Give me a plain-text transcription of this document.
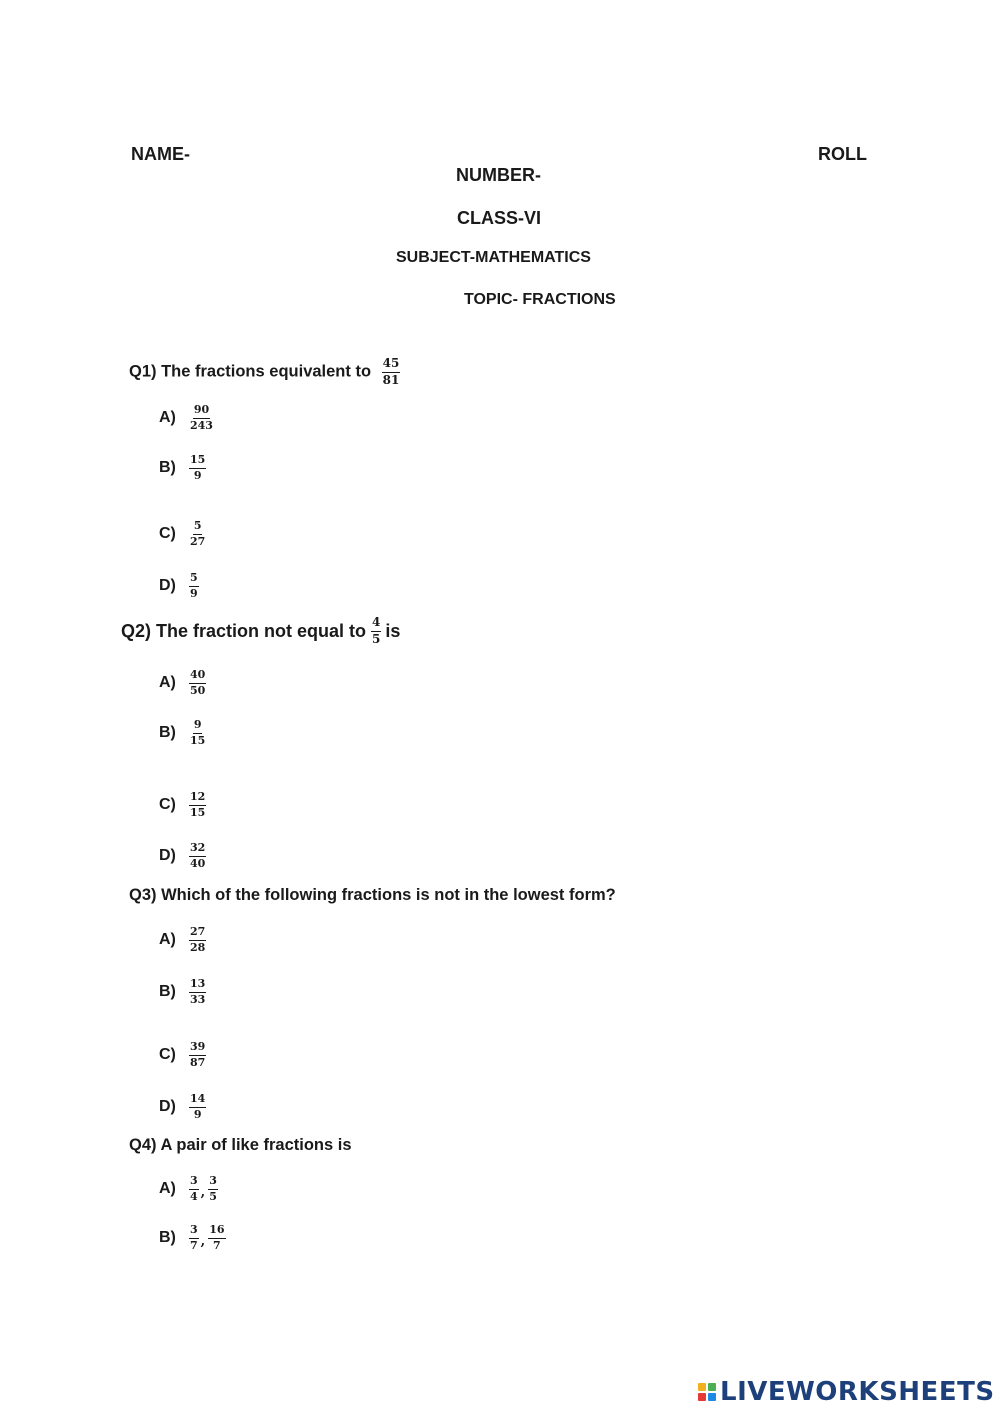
NAME-	ROLL
NUMBER-
CLASS-VI
SUBJECT-MATHEMATICS
TOPIC- FRACTIONS
Q1) The fractions equivalent to $\frac{45}{81}$
A)	$\frac{90}{243}$
B)	$\frac{15}{9}$
C)	$\frac{5}{27}$
D)	$\frac{5}{9}$
Q2) The fraction not equal to $\frac{4}{5}$ is
A)	$\frac{40}{50}$
B)	$\frac{9}{15}$
C)	$\frac{12}{15}$
D)	$\frac{32}{40}$
Q3) Which of the following fractions is not in the lowest form?
A)	$\frac{27}{28}$
B)	$\frac{13}{33}$
C)	$\frac{39}{87}$
D)	$\frac{14}{9}$
Q4) A pair of like fractions is
A)	$\frac{3}{4}$ , $\frac{3}{5}$
B)	$\frac{3}{7}$ , $\frac{16}{7}$
LIVEWORKSHEETS
